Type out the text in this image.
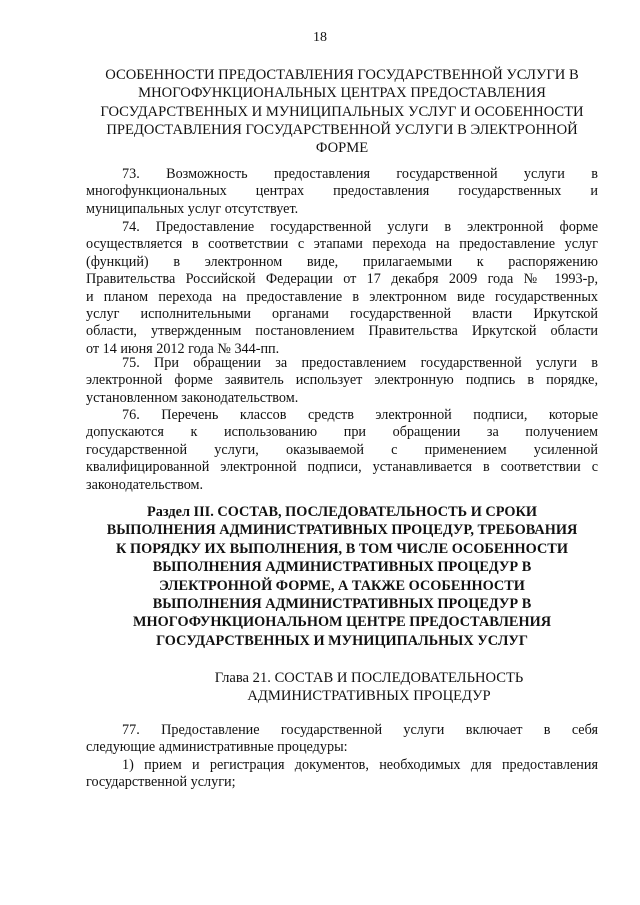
18
ОСОБЕННОСТИ ПРЕДОСТАВЛЕНИЯ ГОСУДАРСТВЕННОЙ УСЛУГИ В
МНОГОФУНКЦИОНАЛЬНЫХ ЦЕНТРАХ ПРЕДОСТАВЛЕНИЯ
ГОСУДАРСТВЕННЫХ И МУНИЦИПАЛЬНЫХ УСЛУГ И ОСОБЕННОСТИ
ПРЕДОСТАВЛЕНИЯ ГОСУДАРСТВЕННОЙ УСЛУГИ В ЭЛЕКТРОННОЙ
ФОРМЕ
73. Возможность предоставления государственной услуги в
многофункциональных центрах предоставления государственных и
муниципальных услуг отсутствует.
74. Предоставление государственной услуги в электронной форме
осуществляется в соответствии с этапами перехода на предоставление услуг
(функций) в электронном виде, прилагаемыми к распоряжению
Правительства Российской Федерации от 17 декабря 2009 года № 1993-р,
и планом перехода на предоставление в электронном виде государственных
услуг исполнительными органами государственной власти Иркутской
области, утвержденным постановлением Правительства Иркутской области
от 14 июня 2012 года № 344-пп.
75. При обращении за предоставлением государственной услуги в
электронной форме заявитель использует электронную подпись в порядке,
установленном законодательством.
76. Перечень классов средств электронной подписи, которые
допускаются к использованию при обращении за получением
государственной услуги, оказываемой с применением усиленной
квалифицированной электронной подписи, устанавливается в соответствии с
законодательством.
Раздел III. СОСТАВ, ПОСЛЕДОВАТЕЛЬНОСТЬ И СРОКИ
ВЫПОЛНЕНИЯ АДМИНИСТРАТИВНЫХ ПРОЦЕДУР, ТРЕБОВАНИЯ
К ПОРЯДКУ ИХ ВЫПОЛНЕНИЯ, В ТОМ ЧИСЛЕ ОСОБЕННОСТИ
ВЫПОЛНЕНИЯ АДМИНИСТРАТИВНЫХ ПРОЦЕДУР В
ЭЛЕКТРОННОЙ ФОРМЕ, А ТАКЖЕ ОСОБЕННОСТИ
ВЫПОЛНЕНИЯ АДМИНИСТРАТИВНЫХ ПРОЦЕДУР В
МНОГОФУНКЦИОНАЛЬНОМ ЦЕНТРЕ ПРЕДОСТАВЛЕНИЯ
ГОСУДАРСТВЕННЫХ И МУНИЦИПАЛЬНЫХ УСЛУГ
Глава 21. СОСТАВ И ПОСЛЕДОВАТЕЛЬНОСТЬ
АДМИНИСТРАТИВНЫХ ПРОЦЕДУР
77. Предоставление государственной услуги включает в себя
следующие административные процедуры:
1) прием и регистрация документов, необходимых для предоставления
государственной услуги;
